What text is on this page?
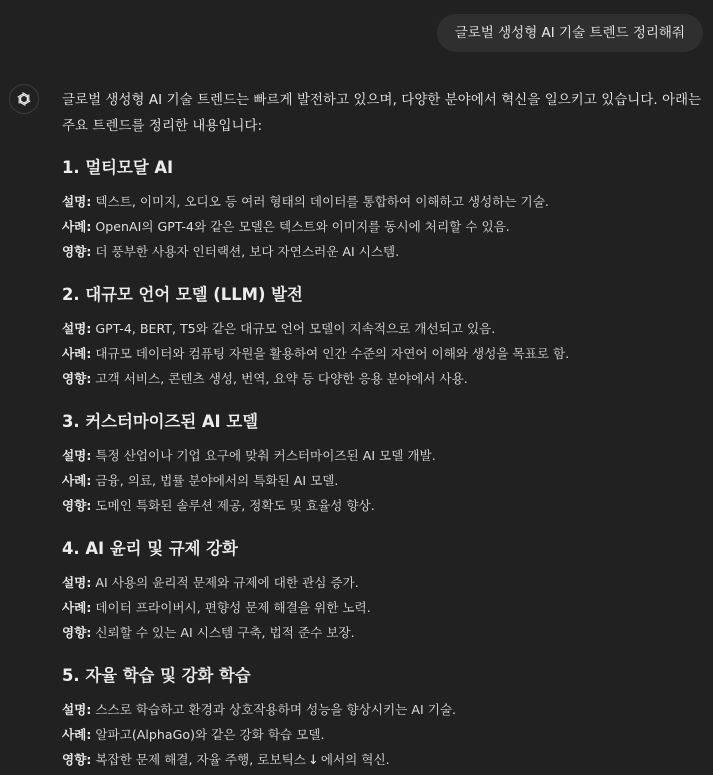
글로벌 생성형 AI 기술 트렌드 정리해줘

글로벌 생성형 AI 기술 트렌드는 빠르게 발전하고 있으며, 다양한 분야에서 혁신을 일으키고 있습니다. 아래는 주요 트렌드를 정리한 내용입니다:

1. 멀티모달 AI
설명: 텍스트, 이미지, 오디오 등 여러 형태의 데이터를 통합하여 이해하고 생성하는 기술.
사례: OpenAI의 GPT-4와 같은 모델은 텍스트와 이미지를 동시에 처리할 수 있음.
영향: 더 풍부한 사용자 인터랙션, 보다 자연스러운 AI 시스템.
2. 대규모 언어 모델 (LLM) 발전
설명: GPT-4, BERT, T5와 같은 대규모 언어 모델이 지속적으로 개선되고 있음.
사례: 대규모 데이터와 컴퓨팅 자원을 활용하여 인간 수준의 자연어 이해와 생성을 목표로 함.
영향: 고객 서비스, 콘텐츠 생성, 번역, 요약 등 다양한 응용 분야에서 사용.
3. 커스터마이즈된 AI 모델
설명: 특정 산업이나 기업 요구에 맞춰 커스터마이즈된 AI 모델 개발.
사례: 금융, 의료, 법률 분야에서의 특화된 AI 모델.
영향: 도메인 특화된 솔루션 제공, 정확도 및 효율성 향상.
4. AI 윤리 및 규제 강화
설명: AI 사용의 윤리적 문제와 규제에 대한 관심 증가.
사례: 데이터 프라이버시, 편향성 문제 해결을 위한 노력.
영향: 신뢰할 수 있는 AI 시스템 구축, 법적 준수 보장.
5. 자율 학습 및 강화 학습
설명: 스스로 학습하고 환경과 상호작용하며 성능을 향상시키는 AI 기술.
사례: 알파고(AlphaGo)와 같은 강화 학습 모델.
영향: 복잡한 문제 해결, 자율 주행, 로보틱스 ↓ 에서의 혁신.
